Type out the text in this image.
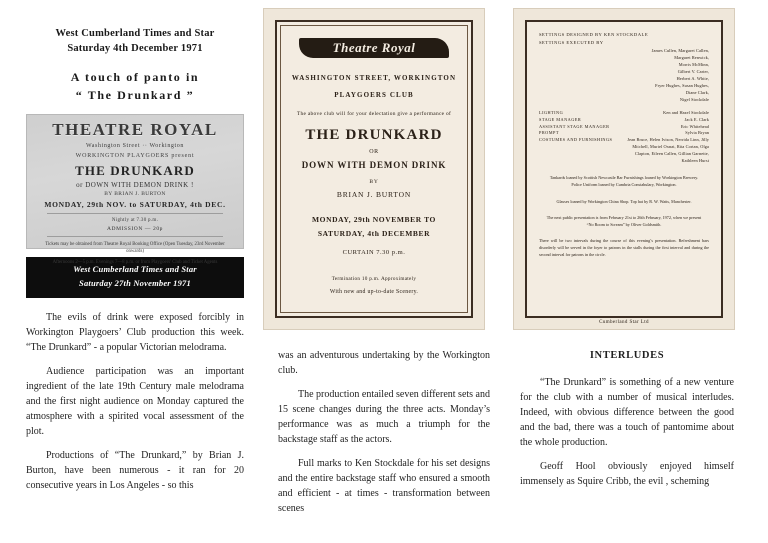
West Cumberland Times and Star
Saturday 4th December 1971
A touch of panto in
“ The Drunkard ”
THEATRE ROYAL
Washington Street ·· Workington
WORKINGTON PLAYGOERS present
THE DRUNKARD
or DOWN WITH DEMON DRINK !
BY BRIAN J. BURTON
MONDAY, 29th NOV. to SATURDAY, 4th DEC.
Nightly at 7.30 p.m.
ADMISSION — 20p
Tickets may be obtained from Theatre Royal Booking Office (Open Tuesday, 23rd November onwards)
Afternoons 2—5 p.m. Evenings 7—8 p.m. or from Playgoers' Club and Ticket Agents
West Cumberland Times and Star
Saturday 27th November 1971

The evils of drink were exposed forcibly in Workington Playgoers’ Club production this week. “The Drunkard” - a popular Victorian melodrama.

Audience participation was an important ingredient of the late 19th Century male melodrama and the first night audience on Monday captured the atmosphere with a spirited vocal assessment of the plot.

Productions of “The Drunkard,” by Brian J. Burton, have been numerous - it ran for 20 consecutive years in Los Angeles - so this

Theatre Royal
WASHINGTON STREET, WORKINGTON
PLAYGOERS CLUB
The above club will for your delectation give a performance of
THE DRUNKARD
OR
DOWN WITH DEMON DRINK
BY
BRIAN J. BURTON
MONDAY, 29th NOVEMBER TO
SATURDAY, 4th DECEMBER
CURTAIN 7.30 p.m.
Termination 10 p.m. Approximately
With new and up-to-date Scenery.
SETTINGS DESIGNED BY KEN STOCKDALE
SETTINGS EXECUTED BY
James Cullen, Margaret Callen,
Margaret Renwick,
Morris McMinn,
Gilbert V. Carter,
Herbert A. White,
Fryer Hughes, Susan Hughes,
Diane Clark,
Nigel Stockdale
LIGHTING	Ken and Hazel Stockdale
STAGE MANAGER	Jack E. Clark
ASSISTANT STAGE MANAGER	Eric Whitehead
PROMPT	Sylvia Bryan
COSTUMES AND FURNISHINGS	Jean Bruce, Helen Ivison, Nerrida Linn, Jilly Mitchell, Muriel Oxnat, Rita Cortan, Olga Clapton, Eileen Callen, Gillian Garnette, Kathleen Hurst
Tankards loaned by Scottish Newcastle Bar Furnishings loaned by Workington Brewery. Police Uniform loaned by Cumbria Constabulary, Workington.
Glasses loaned by Workington China Shop. Top hat by R. W. Watts, Manchester.
The next public presentation is from February 21st to 26th February, 1972, when we present “No Room to Scream” by Oliver Goldsmith.
There will be two intervals during the course of this evening’s presentation. Refreshment bars disorderly will be served in the foyer to patrons in the stalls during the first interval and during the second interval for patrons in the circle.
Cumberland Star Ltd

was an adventurous undertaking by the Workington club.

The production entailed seven different sets and 15 scene changes during the three acts. Monday’s performance was as much a triumph for the backstage staff as the actors.

Full marks to Ken Stockdale for his set designs and the entire backstage staff who ensured a smooth and efficient - at times - transformation between scenes

INTERLUDES

“The Drunkard” is something of a new venture for the club with a number of musical interludes. Indeed, with obvious difference between the good and the bad, there was a touch of pantomime about the whole production.

Geoff Hool obviously enjoyed himself immensely as Squire Cribb, the evil , scheming
